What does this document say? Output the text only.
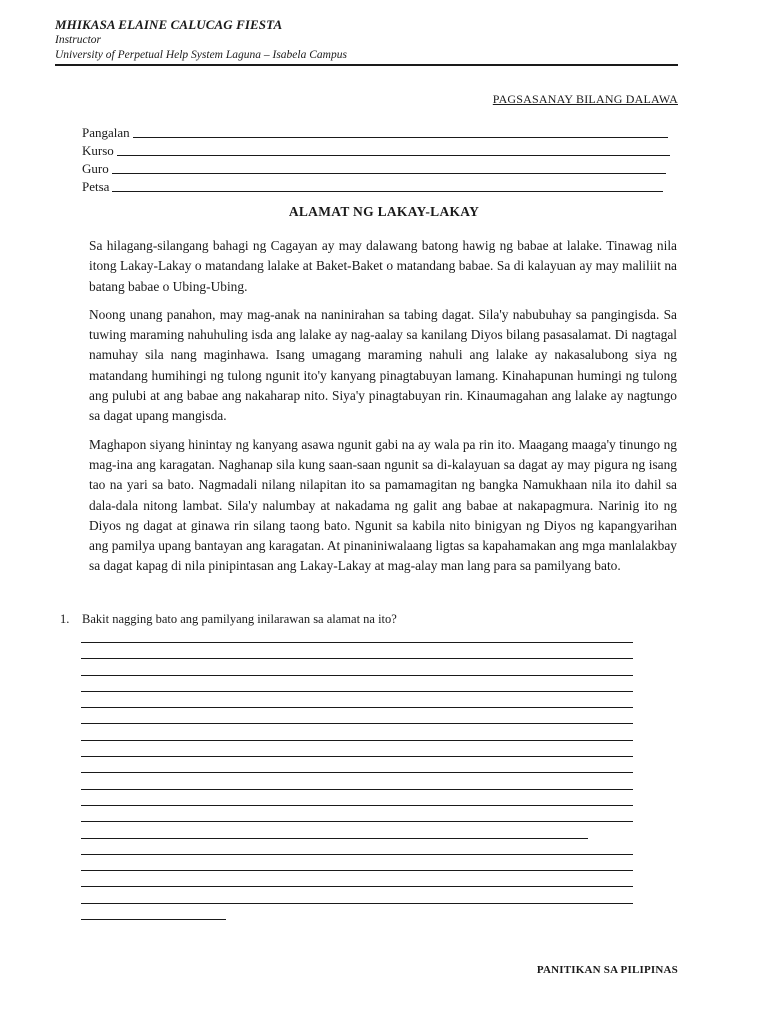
MHIKASA ELAINE CALUCAG FIESTA
Instructor
University of Perpetual Help System Laguna – Isabela Campus
PAGSASANAY BILANG DALAWA
Pangalan
Kurso
Guro
Petsa
ALAMAT NG LAKAY-LAKAY

Sa hilagang-silangang bahagi ng Cagayan ay may dalawang batong hawig ng babae at lalake. Tinawag nila itong Lakay-Lakay o matandang lalake at Baket-Baket o matandang babae. Sa di kalayuan ay may maliliit na batang babae o Ubing-Ubing.

Noong unang panahon, may mag-anak na naninirahan sa tabing dagat. Sila'y nabubuhay sa pangingisda. Sa tuwing maraming nahuhuling isda ang lalake ay nag-aalay sa kanilang Diyos bilang pasasalamat. Di nagtagal namuhay sila nang maginhawa. Isang umagang maraming nahuli ang lalake ay nakasalubong siya ng matandang humihingi ng tulong ngunit ito'y kanyang pinagtabuyan lamang. Kinahapunan humingi ng tulong ang pulubi at ang babae ang nakaharap nito. Siya'y pinagtabuyan rin. Kinaumagahan ang lalake ay nagtungo sa dagat upang mangisda.

Maghapon siyang hinintay ng kanyang asawa ngunit gabi na ay wala pa rin ito. Maagang maaga'y tinungo ng mag-ina ang karagatan. Naghanap sila kung saan-saan ngunit sa di-kalayuan sa dagat ay may pigura ng isang tao na yari sa bato. Nagmadali nilang nilapitan ito sa pamamagitan ng bangka Namukhaan nila ito dahil sa dala-dala nitong lambat. Sila'y nalumbay at nakadama ng galit ang babae at nakapagmura. Narinig ito ng Diyos ng dagat at ginawa rin silang taong bato. Ngunit sa kabila nito binigyan ng Diyos ng kapangyarihan ang pamilya upang bantayan ang karagatan. At pinaniniwalaang ligtas sa kapahamakan ang mga manlalakbay sa dagat kapag di nila pinipintasan ang Lakay-Lakay at mag-alay man lang para sa pamilyang bato.

1.	Bakit nagging bato ang pamilyang inilarawan sa alamat na ito?
PANITIKAN SA PILIPINAS
